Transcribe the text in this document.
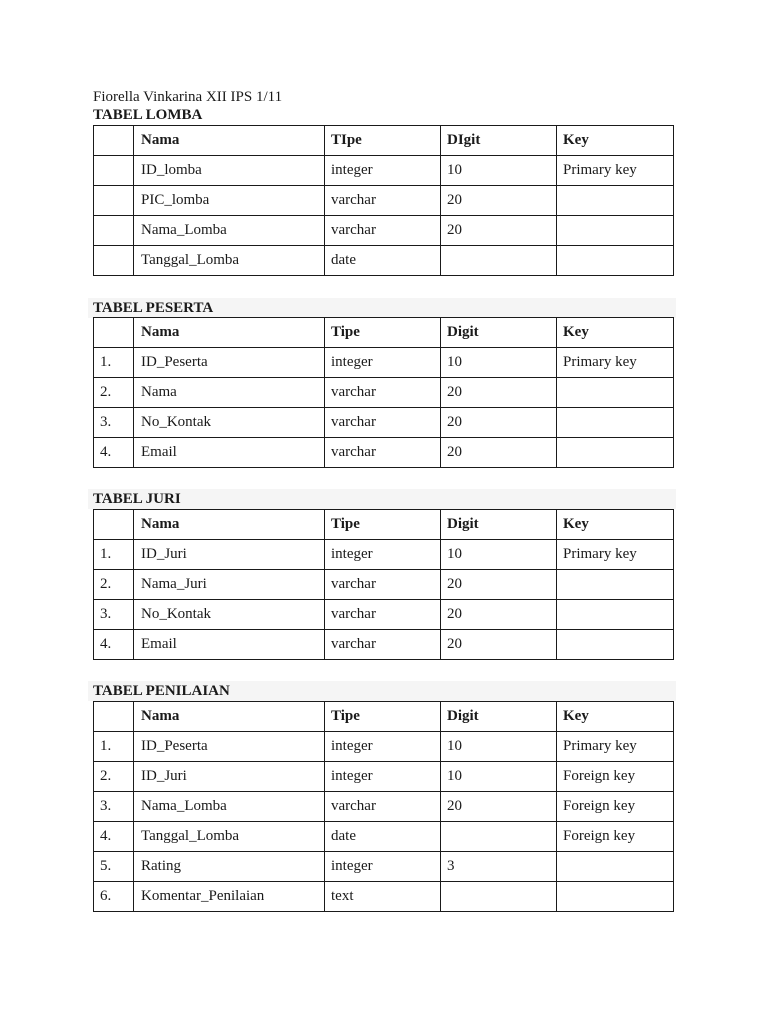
Fiorella Vinkarina XII IPS 1/11
TABEL LOMBA
	Nama	TIpe	DIgit	Key
	ID_lomba	integer	10	Primary key
	PIC_lomba	varchar	20	
	Nama_Lomba	varchar	20	
	Tanggal_Lomba	date		
TABEL PESERTA
	Nama	Tipe	Digit	Key
1.	ID_Peserta	integer	10	Primary key
2.	Nama	varchar	20	
3.	No_Kontak	varchar	20	
4.	Email	varchar	20	
TABEL JURI
	Nama	Tipe	Digit	Key
1.	ID_Juri	integer	10	Primary key
2.	Nama_Juri	varchar	20	
3.	No_Kontak	varchar	20	
4.	Email	varchar	20	
TABEL PENILAIAN
	Nama	Tipe	Digit	Key
1.	ID_Peserta	integer	10	Primary key
2.	ID_Juri	integer	10	Foreign key
3.	Nama_Lomba	varchar	20	Foreign key
4.	Tanggal_Lomba	date		Foreign key
5.	Rating	integer	3	
6.	Komentar_Penilaian	text		
